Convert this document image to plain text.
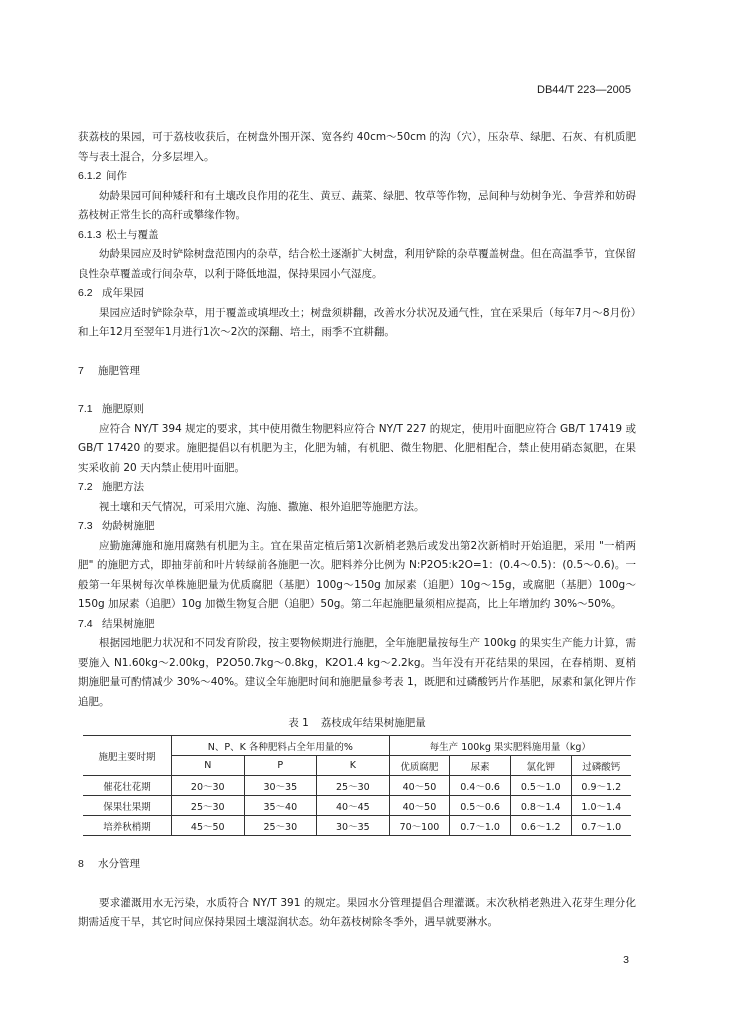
DB44/T 223—2005

获荔枝的果园，可于荔枝收获后，在树盘外围开深、宽各约 40cm～50cm 的沟（穴），压杂草、绿肥、石灰、有机质肥等与表土混合，分多层埋入。

6.1.2 间作

幼龄果园可间种矮秆和有土壤改良作用的花生、黄豆、蔬菜、绿肥、牧草等作物，忌间种与幼树争光、争营养和妨碍荔枝树正常生长的高秆或攀缘作物。

6.1.3 松土与覆盖

幼龄果园应及时铲除树盘范围内的杂草，结合松土逐渐扩大树盘，利用铲除的杂草覆盖树盘。但在高温季节，宜保留良性杂草覆盖或行间杂草，以利于降低地温，保持果园小气湿度。

6.2 成年果园

果园应适时铲除杂草，用于覆盖或填埋改土；树盘须耕翻，改善水分状况及通气性，宜在采果后（每年7月～8月份）和上年12月至翌年1月进行1次～2次的深翻、培土，雨季不宜耕翻。

7 施肥管理

7.1 施肥原则

应符合 NY/T 394 规定的要求，其中使用微生物肥料应符合 NY/T 227 的规定，使用叶面肥应符合 GB/T 17419 或 GB/T 17420 的要求。施肥提倡以有机肥为主，化肥为辅，有机肥、微生物肥、化肥相配合，禁止使用硝态氮肥，在果实采收前 20 天内禁止使用叶面肥。

7.2 施肥方法

视土壤和天气情况，可采用穴施、沟施、撒施、根外追肥等施肥方法。

7.3 幼龄树施肥

应勤施薄施和施用腐熟有机肥为主。宜在果苗定植后第1次新梢老熟后或发出第2次新梢时开始追肥，采用 "一梢两肥" 的施肥方式，即抽芽前和叶片转绿前各施肥一次。肥料养分比例为 N:P2O5:k2O=1：(0.4～0.5)：(0.5～0.6)。一般第一年果树每次单株施肥量为优质腐肥（基肥）100g～150g 加尿素（追肥）10g～15g，或腐肥（基肥）100g～150g 加尿素（追肥）10g 加微生物复合肥（追肥）50g。第二年起施肥量须相应提高，比上年增加约 30%～50%。

7.4 结果树施肥

根据园地肥力状况和不同发育阶段，按主要物候期进行施肥，全年施肥量按每生产 100kg 的果实生产能力计算，需要施入 N1.60kg～2.00kg，P2O50.7kg～0.8kg，K2O1.4 kg～2.2kg。当年没有开花结果的果园，在春梢期、夏梢期施肥量可酌情减少 30%～40%。建议全年施肥时间和施肥量参考表 1，既肥和过磷酸钙片作基肥，尿素和氯化钾片作追肥。

表 1 荔枝成年结果树施肥量
施肥主要时期	N、P、K 各种肥料占全年用量的%			每生产 100kg 果实肥料施用量（kg）			
	N	P	K	优质腐肥	尿素	氯化钾	过磷酸钙
催花壮花期	20～30	30～35	25～30	40～50	0.4～0.6	0.5～1.0	0.9～1.2
保果壮果期	25～30	35～40	40～45	40～50	0.5～0.6	0.8～1.4	1.0～1.4
培养秋梢期	45～50	25～30	30～35	70～100	0.7～1.0	0.6～1.2	0.7～1.0

8 水分管理

要求灌溉用水无污染，水质符合 NY/T 391 的规定。果园水分管理提倡合理灌溉。末次秋梢老熟进入花芽生理分化期需适度干旱，其它时间应保持果园土壤湿润状态。幼年荔枝树除冬季外，遇旱就要淋水。

3
